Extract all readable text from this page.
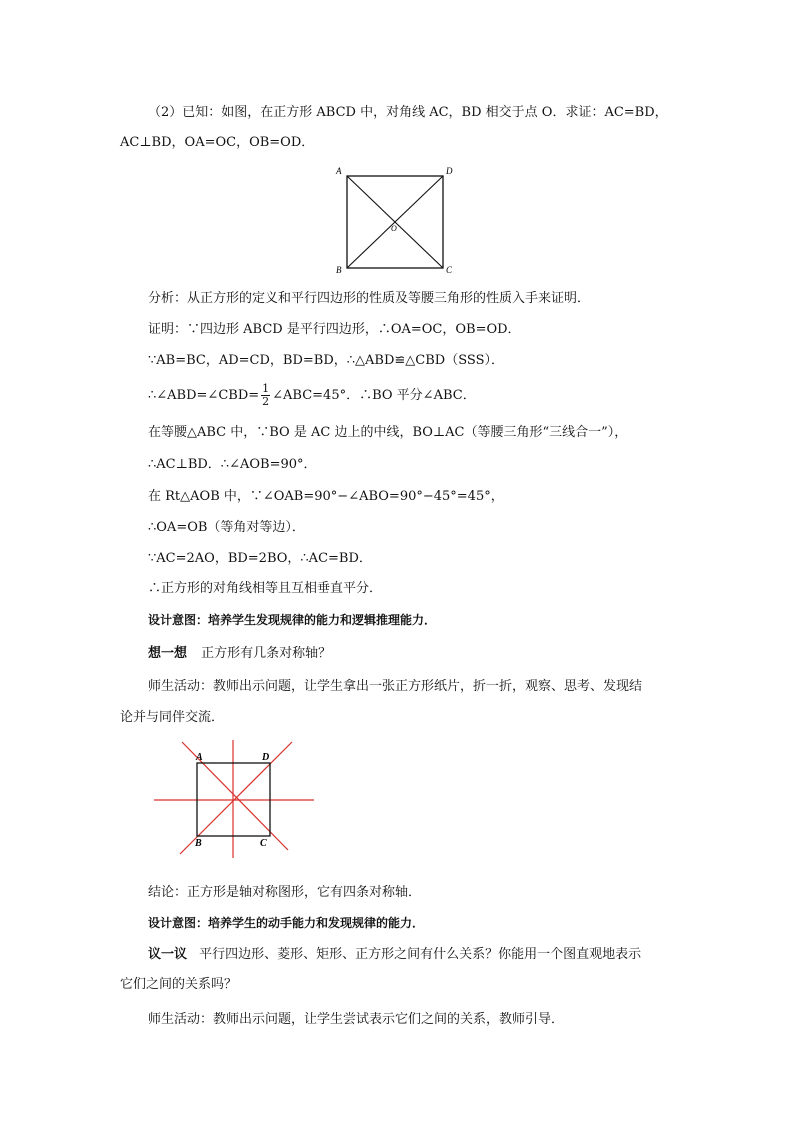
（2）已知：如图，在正方形 ABCD 中，对角线 AC，BD 相交于点 O．求证：AC=BD，
AC⊥BD，OA=OC，OB=OD．
A	D
B	C
O
分析：从正方形的定义和平行四边形的性质及等腰三角形的性质入手来证明．
证明：∵四边形 ABCD 是平行四边形，∴OA=OC，OB=OD．
∵AB=BC，AD=CD，BD=BD，∴△ABD≌△CBD（SSS）．
∴∠ABD=∠CBD= $\frac{1}{2}$ ∠ABC=45°．∴BO 平分∠ABC．
在等腰△ABC 中，∵BO 是 AC 边上的中线，BO⊥AC（等腰三角形“三线合一”），
∴AC⊥BD．∴∠AOB=90°．
在 Rt△AOB 中，∵∠OAB=90°−∠ABO=90°−45°=45°，
∴OA=OB（等角对等边）．
∵AC=2AO，BD=2BO，∴AC=BD．
∴正方形的对角线相等且互相垂直平分．
设计意图：培养学生发现规律的能力和逻辑推理能力．
想一想 正方形有几条对称轴？
师生活动：教师出示问题，让学生拿出一张正方形纸片，折一折，观察、思考、发现结
论并与同伴交流．
A	D
B	C
结论：正方形是轴对称图形，它有四条对称轴．
设计意图：培养学生的动手能力和发现规律的能力．
议一议 平行四边形、菱形、矩形、正方形之间有什么关系？你能用一个图直观地表示
它们之间的关系吗？
师生活动：教师出示问题，让学生尝试表示它们之间的关系，教师引导．
